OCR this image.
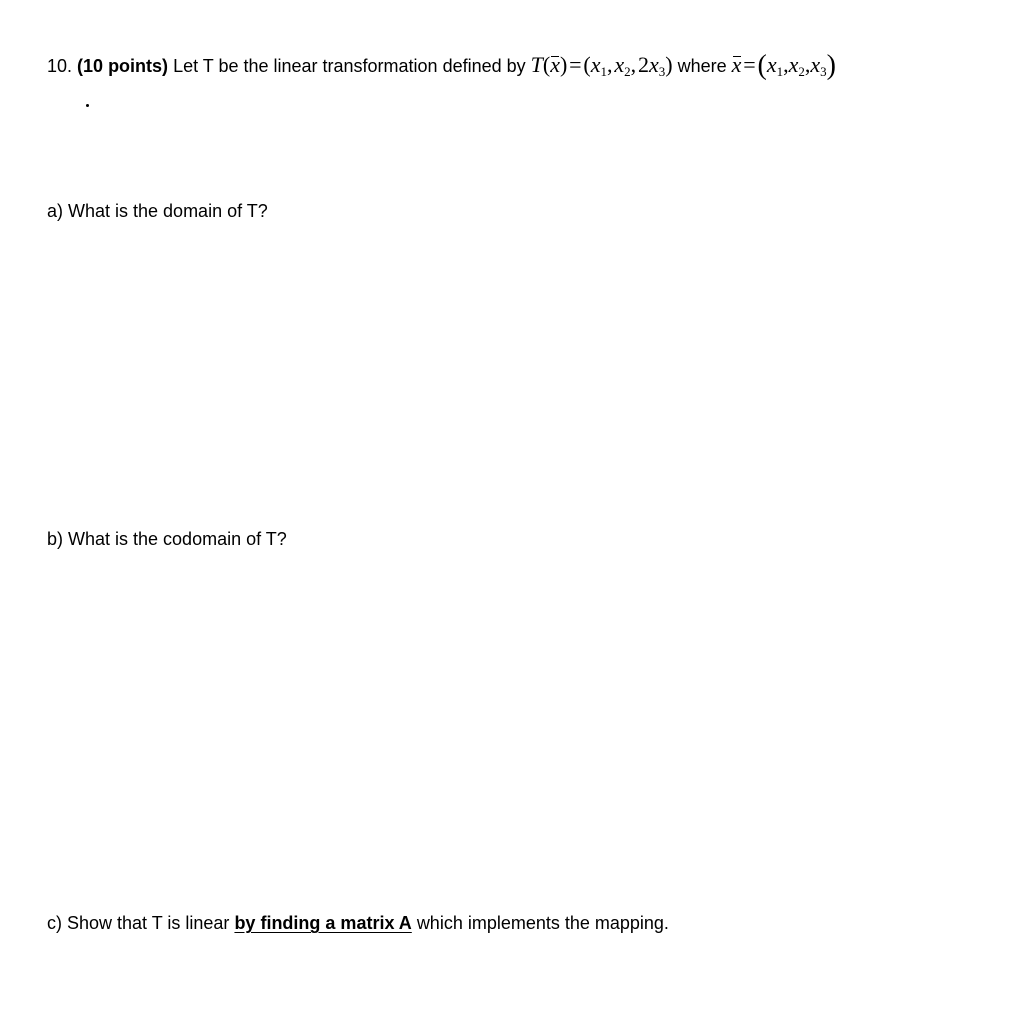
10. (10 points) Let T be the linear transformation defined by T(x) = ($x_1$, $x_2$, $2x_3$) where x = $(x_1,x_2,x_3)$
a) What is the domain of T?
b) What is the codomain of T?
c) Show that T is linear by finding a matrix A which implements the mapping.
